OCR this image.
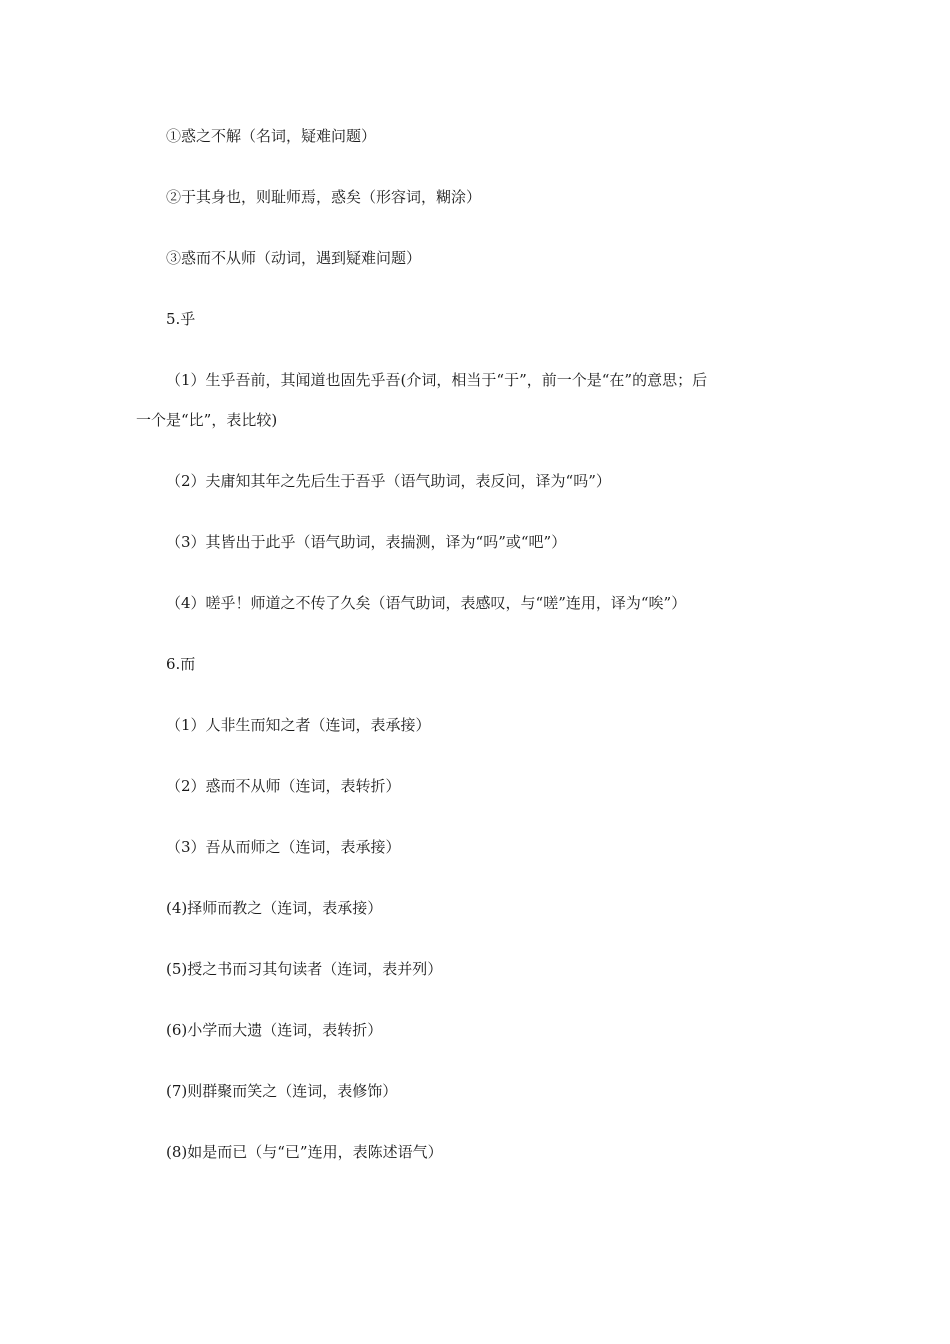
①惑之不解（名词，疑难问题）
②于其身也，则耻师焉，惑矣（形容词，糊涂）
③惑而不从师（动词，遇到疑难问题）
5.乎
（1）生乎吾前，其闻道也固先乎吾(介词，相当于“于”，前一个是“在”的意思；后
一个是“比”，表比较)
（2）夫庸知其年之先后生于吾乎（语气助词，表反问，译为“吗”）
（3）其皆出于此乎（语气助词，表揣测，译为“吗”或“吧”）
（4）嗟乎！师道之不传了久矣（语气助词，表感叹，与“嗟”连用，译为“唉”）
6.而
（1）人非生而知之者（连词，表承接）
（2）惑而不从师（连词，表转折）
（3）吾从而师之（连词，表承接）
(4)择师而教之（连词，表承接）
(5)授之书而习其句读者（连词，表并列）
(6)小学而大遗（连词，表转折）
(7)则群聚而笑之（连词，表修饰）
(8)如是而已（与“已”连用，表陈述语气）
